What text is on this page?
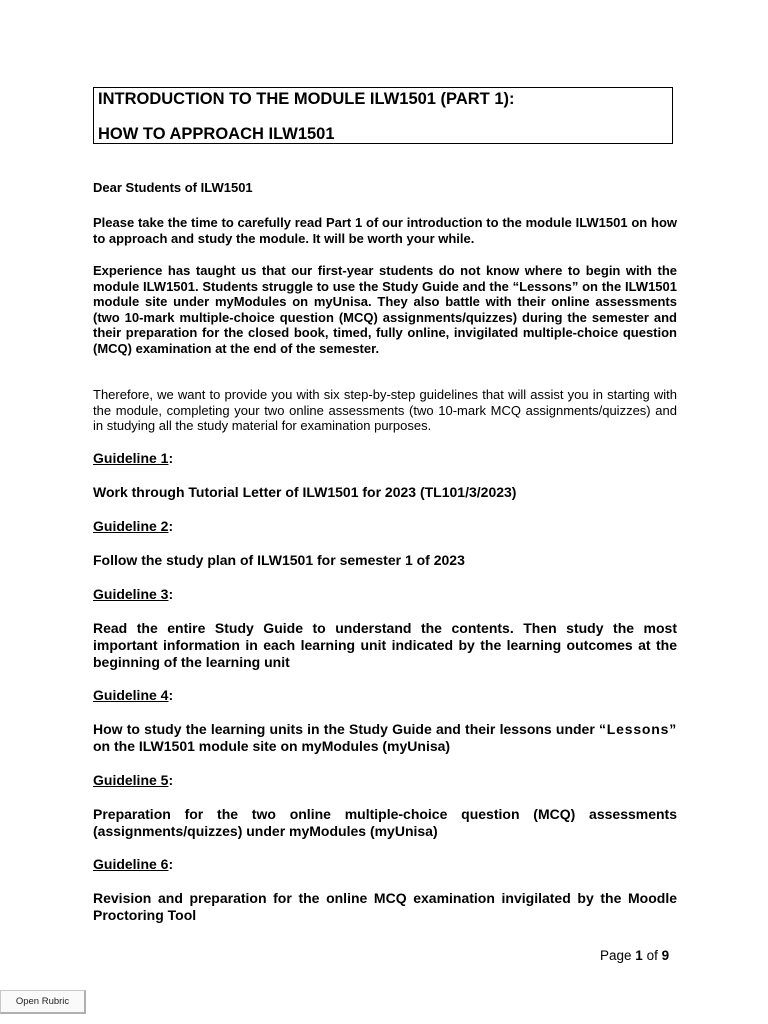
INTRODUCTION TO THE MODULE ILW1501 (PART 1):
HOW TO APPROACH ILW1501

Dear Students of ILW1501

Please take the time to carefully read Part 1 of our introduction to the module ILW1501 on how to approach and study the module. It will be worth your while.

Experience has taught us that our first-year students do not know where to begin with the module ILW1501. Students struggle to use the Study Guide and the “Lessons” on the ILW1501 module site under myModules on myUnisa. They also battle with their online assessments (two 10-mark multiple-choice question (MCQ) assignments/quizzes) during the semester and their preparation for the closed book, timed, fully online, invigilated multiple-choice question (MCQ) examination at the end of the semester.

Therefore, we want to provide you with six step-by-step guidelines that will assist you in starting with the module, completing your two online assessments (two 10-mark MCQ assignments/quizzes) and in studying all the study material for examination purposes.

Guideline 1:
Work through Tutorial Letter of ILW1501 for 2023 (TL101/3/2023)
Guideline 2:
Follow the study plan of ILW1501 for semester 1 of 2023
Guideline 3:
Read the entire Study Guide to understand the contents. Then study the most important information in each learning unit indicated by the learning outcomes at the beginning of the learning unit
Guideline 4:
How to study the learning units in the Study Guide and their lessons under “Lessons” on the ILW1501 module site on myModules (myUnisa)
Guideline 5:
Preparation for the two online multiple-choice question (MCQ) assessments (assignments/quizzes) under myModules (myUnisa)
Guideline 6:
Revision and preparation for the online MCQ examination invigilated by the Moodle Proctoring Tool
Page 1 of 9
Open Rubric
